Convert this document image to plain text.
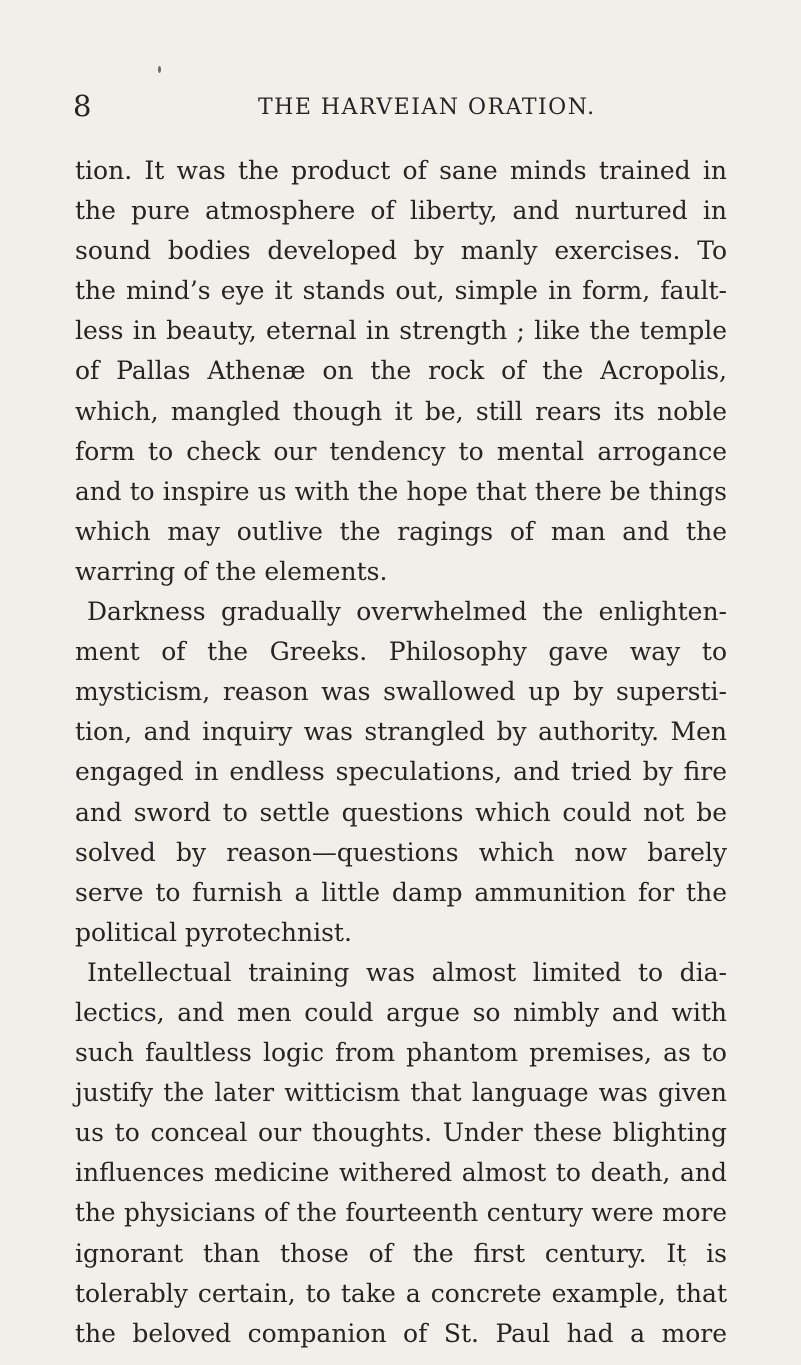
8	THE HARVEIAN ORATION.
tion. It was the product of sane minds trained in
the pure atmosphere of liberty, and nurtured in
sound bodies developed by manly exercises. To
the mind’s eye it stands out, simple in form, fault-
less in beauty, eternal in strength ; like the temple
of Pallas Athenæ on the rock of the Acropolis,
which, mangled though it be, still rears its noble
form to check our tendency to mental arrogance
and to inspire us with the hope that there be things
which may outlive the ragings of man and the
warring of the elements.
Darkness gradually overwhelmed the enlighten-
ment of the Greeks. Philosophy gave way to
mysticism, reason was swallowed up by supersti-
tion, and inquiry was strangled by authority. Men
engaged in endless speculations, and tried by fire
and sword to settle questions which could not be
solved by reason—questions which now barely
serve to furnish a little damp ammunition for the
political pyrotechnist.
Intellectual training was almost limited to dia-
lectics, and men could argue so nimbly and with
such faultless logic from phantom premises, as to
justify the later witticism that language was given
us to conceal our thoughts. Under these blighting
influences medicine withered almost to death, and
the physicians of the fourteenth century were more
ignorant than those of the first century. It is
tolerably certain, to take a concrete example, that
the beloved companion of St. Paul had a more
